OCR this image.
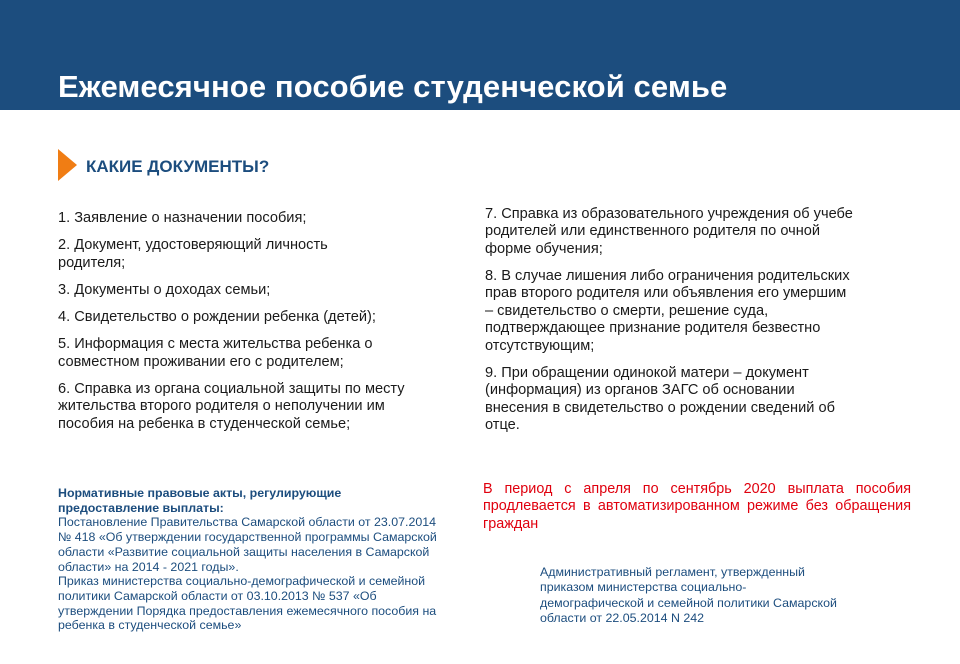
Ежемесячное пособие студенческой семье
КАКИЕ ДОКУМЕНТЫ?

1. Заявление о назначении пособия;

2. Документ, удостоверяющий личность
родителя;

3. Документы о доходах семьи;

4. Свидетельство о рождении ребенка (детей);

5. Информация с места жительства ребенка о
совместном проживании его с родителем;

6. Справка из органа социальной защиты по месту
жительства второго родителя о неполучении им
пособия на ребенка в студенческой семье;

7. Справка из образовательного учреждения об учебе
родителей или единственного родителя по очной
форме обучения;

8. В случае лишения либо ограничения родительских
прав второго родителя или объявления его умершим
– свидетельство о смерти, решение суда,
подтверждающее признание родителя безвестно
отсутствующим;

9. При обращении одинокой матери – документ
(информация) из органов ЗАГС об основании
внесения в свидетельство о рождении сведений об
отце.

Нормативные правовые акты, регулирующие
предоставление выплаты:
Постановление Правительства Самарской области от 23.07.2014
№ 418 «Об утверждении государственной программы Самарской
области «Развитие социальной защиты населения в Самарской
области» на 2014 - 2021 годы».
Приказ министерства социально-демографической и семейной
политики Самарской области от 03.10.2013 № 537 «Об
утверждении Порядка предоставления ежемесячного пособия на
ребенка в студенческой семье»
В период с апреля по сентябрь 2020 выплата пособия продлевается в автоматизированном режиме без обращения граждан
Административный регламент, утвержденный
приказом министерства социально-
демографической и семейной политики Самарской
области от 22.05.2014 N 242
